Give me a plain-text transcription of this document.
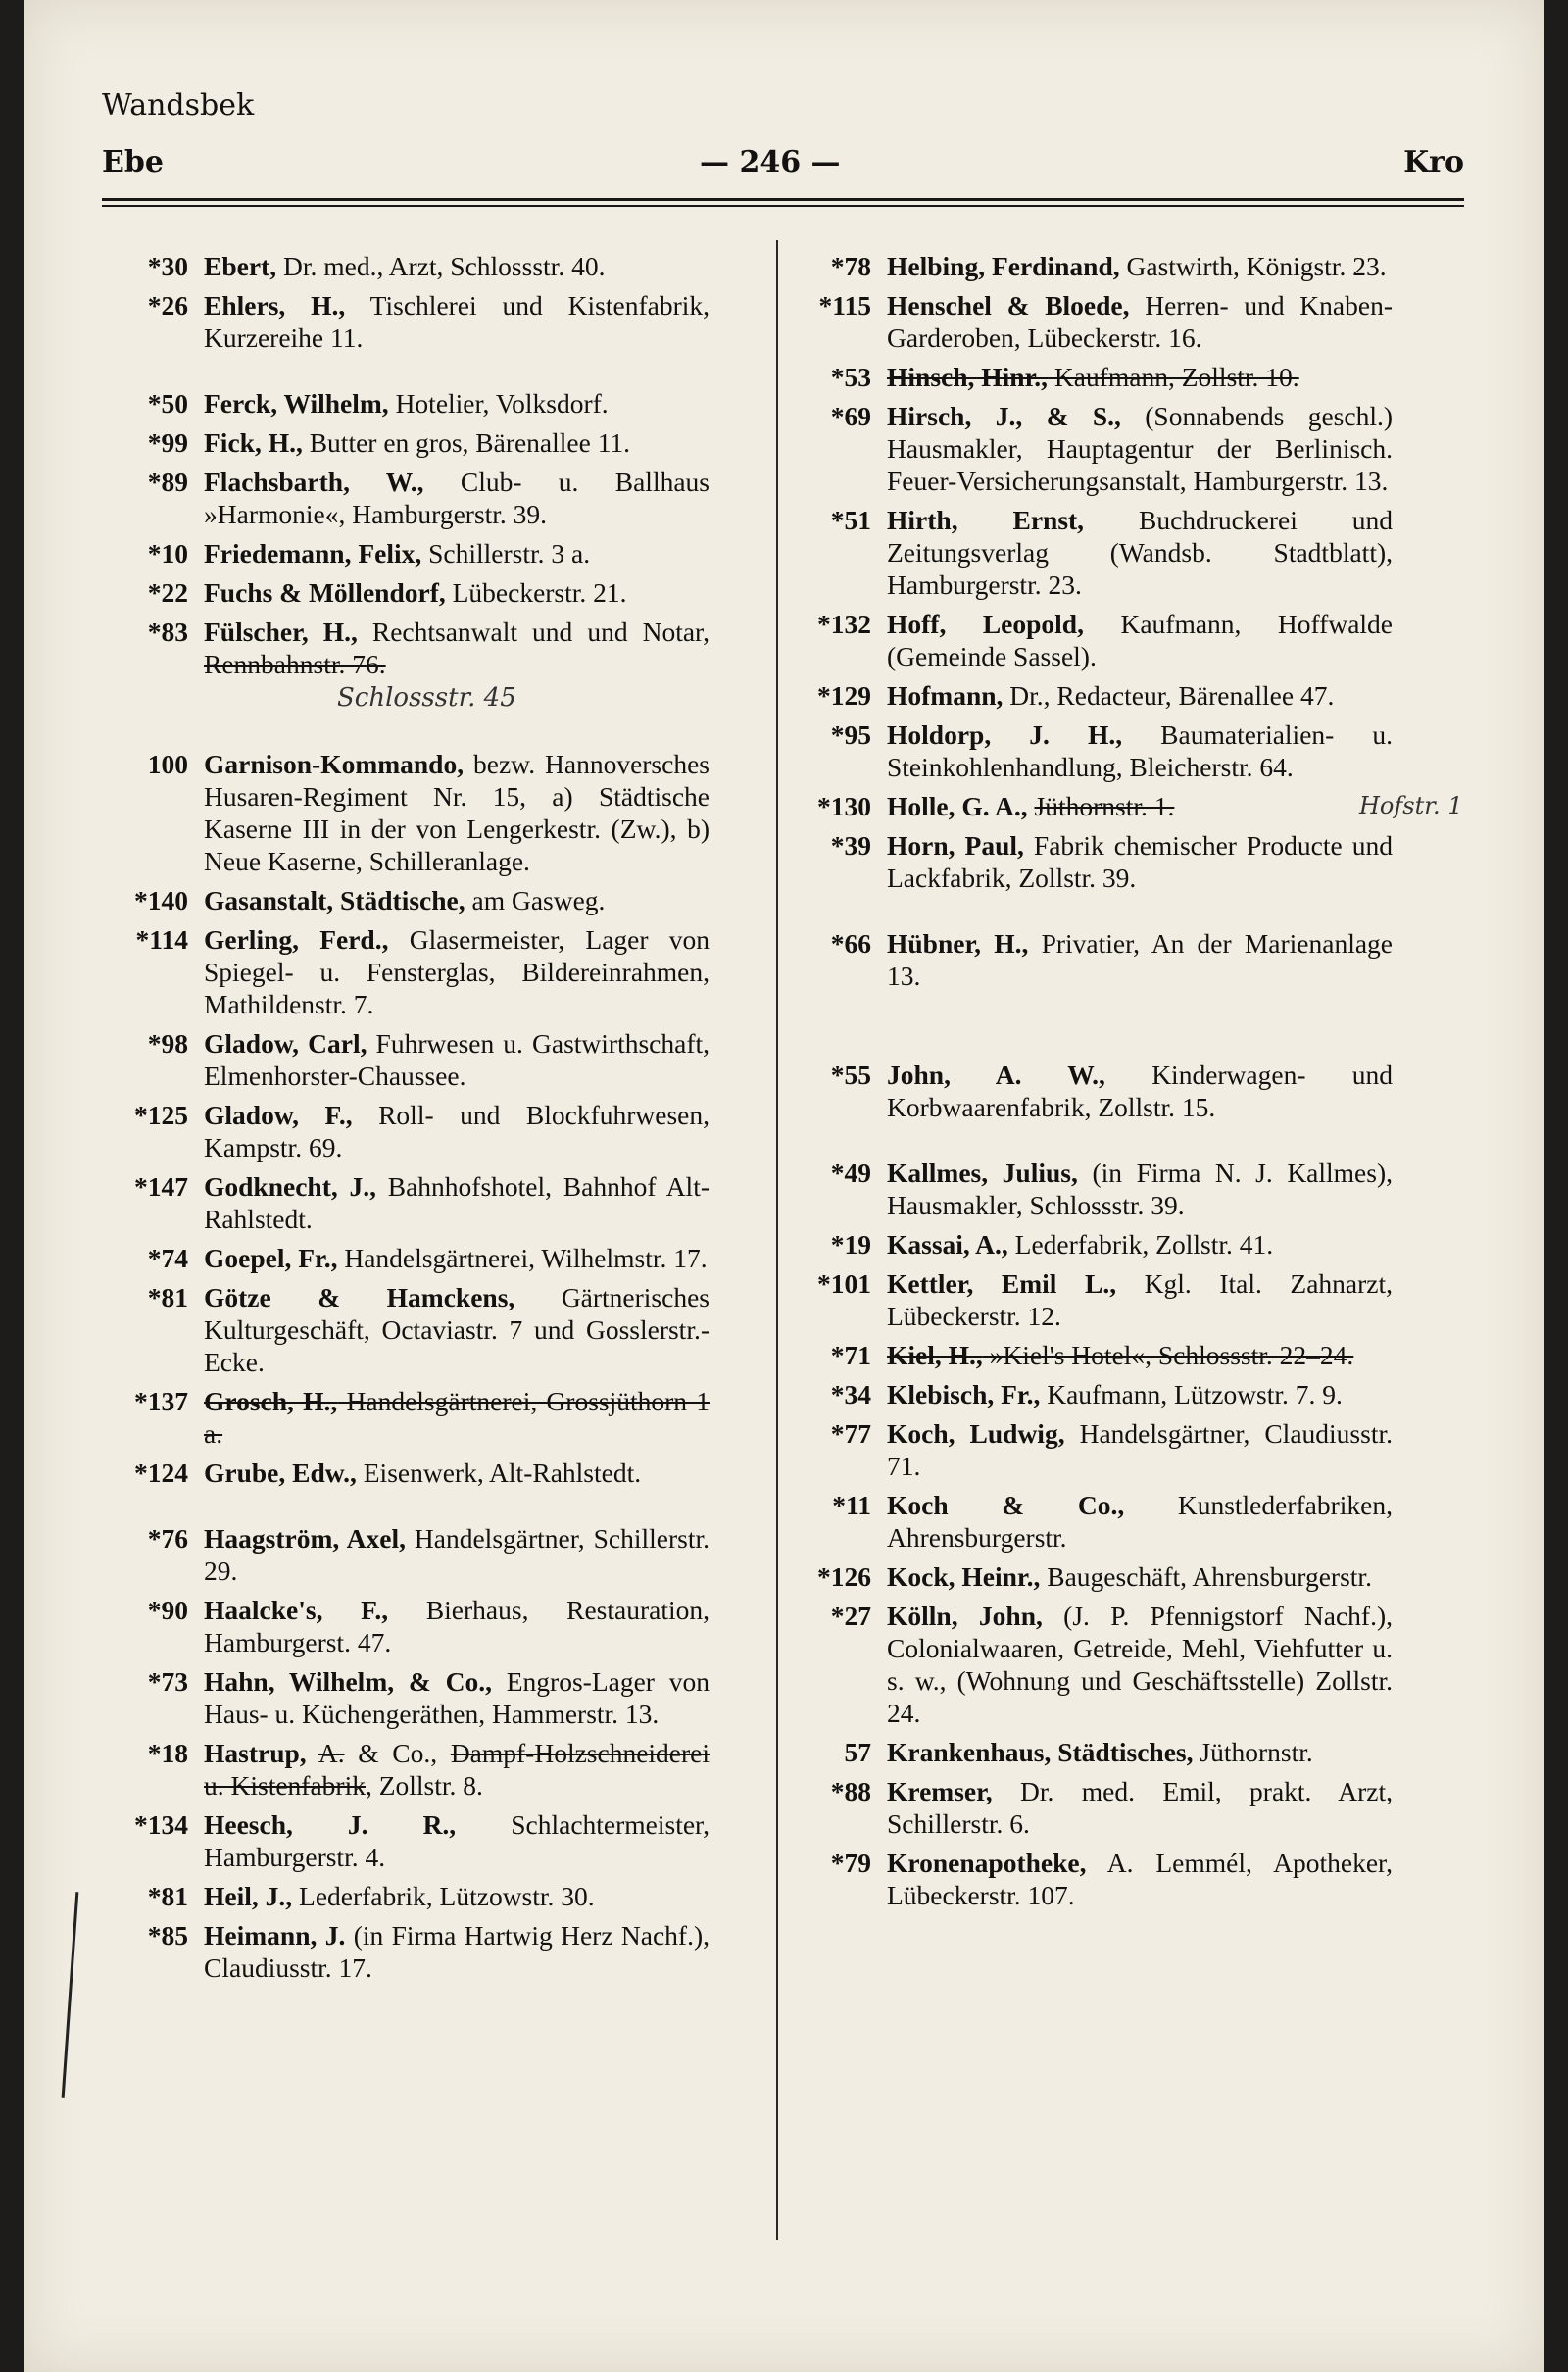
Wandsbek
Ebe	— 246 —	Kro
*30 Ebert, Dr. med., Arzt, Schlossstr. 40.
*26 Ehlers, H., Tischlerei und Kistenfabrik, Kurzereihe 11.
*50 Ferck, Wilhelm, Hotelier, Volksdorf.
*99 Fick, H., Butter en gros, Bärenallee 11.
*89 Flachsbarth, W., Club- u. Ballhaus »Harmonie«, Hamburgerstr. 39.
*10 Friedemann, Felix, Schillerstr. 3 a.
*22 Fuchs & Möllendorf, Lübeckerstr. 21.
*83 Fülscher, H., Rechtsanwalt und und Notar, Rennbahnstr. 76.
Schlossstr. 45
100 Garnison-Kommando, bezw. Hannoversches Husaren-Regiment Nr. 15, a) Städtische Kaserne III in der von Lengerkestr. (Zw.), b) Neue Kaserne, Schilleranlage.
*140 Gasanstalt, Städtische, am Gasweg.
*114 Gerling, Ferd., Glasermeister, Lager von Spiegel- u. Fensterglas, Bildereinrahmen, Mathildenstr. 7.
*98 Gladow, Carl, Fuhrwesen u. Gastwirthschaft, Elmenhorster-Chaussee.
*125 Gladow, F., Roll- und Blockfuhrwesen, Kampstr. 69.
*147 Godknecht, J., Bahnhofshotel, Bahnhof Alt-Rahlstedt.
*74 Goepel, Fr., Handelsgärtnerei, Wilhelmstr. 17.
*81 Götze & Hamckens, Gärtnerisches Kulturgeschäft, Octaviastr. 7 und Gosslerstr.-Ecke.
*137 Grosch, H., Handelsgärtnerei, Grossjüthorn 1 a.
*124 Grube, Edw., Eisenwerk, Alt-Rahlstedt.
*76 Haagström, Axel, Handelsgärtner, Schillerstr. 29.
*90 Haalcke's, F., Bierhaus, Restauration, Hamburgerst. 47.
*73 Hahn, Wilhelm, & Co., Engros-Lager von Haus- u. Küchengeräthen, Hammerstr. 13.
*18 Hastrup, A. & Co., Dampf-Holzschneiderei u. Kistenfabrik, Zollstr. 8.
*134 Heesch, J. R., Schlachtermeister, Hamburgerstr. 4.
*81 Heil, J., Lederfabrik, Lützowstr. 30.
*85 Heimann, J. (in Firma Hartwig Herz Nachf.), Claudiusstr. 17.
*78 Helbing, Ferdinand, Gastwirth, Königstr. 23.
*115 Henschel & Bloede, Herren- und Knaben-Garderoben, Lübeckerstr. 16.
*53 Hinsch, Hinr., Kaufmann, Zollstr. 10.
*69 Hirsch, J., & S., (Sonnabends geschl.) Hausmakler, Hauptagentur der Berlinisch. Feuer-Versicherungsanstalt, Hamburgerstr. 13.
*51 Hirth, Ernst, Buchdruckerei und Zeitungsverlag (Wandsb. Stadtblatt), Hamburgerstr. 23.
*132 Hoff, Leopold, Kaufmann, Hoffwalde (Gemeinde Sassel).
*129 Hofmann, Dr., Redacteur, Bärenallee 47.
*95 Holdorp, J. H., Baumaterialien- u. Steinkohlenhandlung, Bleicherstr. 64.
*130 Holle, G. A., Jüthornstr. 1.	Hofstr. 1
*39 Horn, Paul, Fabrik chemischer Producte und Lackfabrik, Zollstr. 39.
*66 Hübner, H., Privatier, An der Marienanlage 13.
*55 John, A. W., Kinderwagen- und Korbwaarenfabrik, Zollstr. 15.
*49 Kallmes, Julius, (in Firma N. J. Kallmes), Hausmakler, Schlossstr. 39.
*19 Kassai, A., Lederfabrik, Zollstr. 41.
*101 Kettler, Emil L., Kgl. Ital. Zahnarzt, Lübeckerstr. 12.
*71 Kiel, H., »Kiel's Hotel«, Schlossstr. 22–24.
*34 Klebisch, Fr., Kaufmann, Lützowstr. 7. 9.
*77 Koch, Ludwig, Handelsgärtner, Claudiusstr. 71.
*11 Koch & Co., Kunstlederfabriken, Ahrensburgerstr.
*126 Kock, Heinr., Baugeschäft, Ahrensburgerstr.
*27 Kölln, John, (J. P. Pfennigstorf Nachf.), Colonialwaaren, Getreide, Mehl, Viehfutter u. s. w., (Wohnung und Geschäftsstelle) Zollstr. 24.
57 Krankenhaus, Städtisches, Jüthornstr.
*88 Kremser, Dr. med. Emil, prakt. Arzt, Schillerstr. 6.
*79 Kronenapotheke, A. Lemmél, Apotheker, Lübeckerstr. 107.
